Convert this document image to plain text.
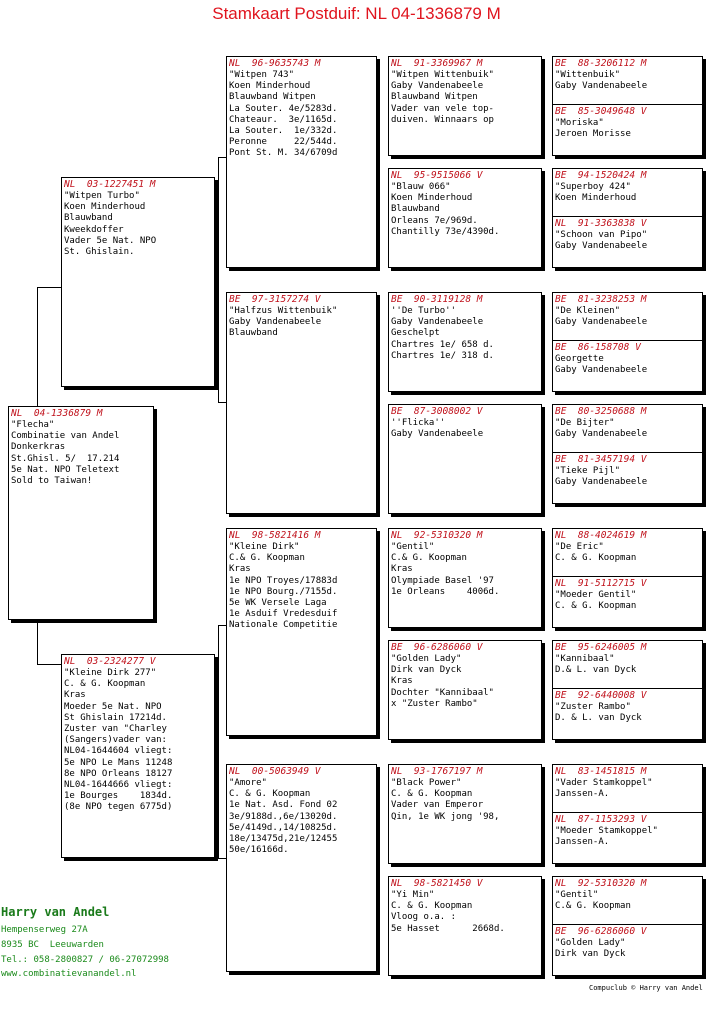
Stamkaart Postduif: NL 04-1336879 M
NL  04-1336879 M
"Flecha"
Combinatie van Andel
Donkerkras
St.Ghisl. 5/  17.214
5e Nat. NPO Teletext
Sold to Taiwan!
NL  03-1227451 M
"Witpen Turbo"
Koen Minderhoud
Blauwband
Kweekdoffer
Vader 5e Nat. NPO
St. Ghislain.
NL  03-2324277 V
"Kleine Dirk 277"
C. & G. Koopman
Kras
Moeder 5e Nat. NPO
St Ghislain 17214d.
Zuster van "Charley
(Sangers)vader van:
NL04-1644604 vliegt:
5e NPO Le Mans 11248
8e NPO Orleans 18127
NL04-1644666 vliegt:
1e Bourges    1834d.
(8e NPO tegen 6775d)
NL  96-9635743 M
"Witpen 743"
Koen Minderhoud
Blauwband Witpen
La Souter. 4e/5283d.
Chateaur.  3e/1165d.
La Souter.  1e/332d.
Peronne     22/544d.
Pont St. M. 34/6709d
BE  97-3157274 V
"Halfzus Wittenbuik"
Gaby Vandenabeele
Blauwband
NL  98-5821416 M
"Kleine Dirk"
C.& G. Koopman
Kras
1e NPO Troyes/17883d
1e NPO Bourg./7155d.
5e WK Versele Laga
1e Asduif Vredesduif
Nationale Competitie
NL  00-5063949 V
"Amore"
C. & G. Koopman
1e Nat. Asd. Fond 02
3e/9188d.,6e/13020d.
5e/4149d.,14/10825d.
18e/13475d,21e/12455
50e/16166d.
NL  91-3369967 M
"Witpen Wittenbuik"
Gaby Vandenabeele
Blauwband Witpen
Vader van vele top-
duiven. Winnaars op
NL  95-9515066 V
"Blauw 066"
Koen Minderhoud
Blauwband
Orleans 7e/969d.
Chantilly 73e/4390d.
BE  90-3119128 M
''De Turbo''
Gaby Vandenabeele
Geschelpt
Chartres 1e/ 658 d.
Chartres 1e/ 318 d.
BE  87-3008002 V
''Flicka''
Gaby Vandenabeele
NL  92-5310320 M
"Gentil"
C.& G. Koopman
Kras
Olympiade Basel '97
1e Orleans    4006d.
BE  96-6286060 V
"Golden Lady"
Dirk van Dyck
Kras
Dochter "Kannibaal"
x "Zuster Rambo"
NL  93-1767197 M
"Black Power"
C. & G. Koopman
Vader van Emperor
Qin, 1e WK jong '98,
NL  98-5821450 V
"Yi Min"
C. & G. Koopman
Vloog o.a. :
5e Hasset      2668d.
BE  88-3206112 M
"Wittenbuik"
Gaby Vandenabeele
BE  85-3049648 V
"Moriska"
Jeroen Morisse
BE  94-1520424 M
"Superboy 424"
Koen Minderhoud
NL  91-3363838 V
"Schoon van Pipo"
Gaby Vandenabeele
BE  81-3238253 M
"De Kleinen"
Gaby Vandenabeele
BE  86-158708 V
Georgette
Gaby Vandenabeele
BE  80-3250688 M
"De Bijter"
Gaby Vandenabeele
BE  81-3457194 V
"Tieke Pijl"
Gaby Vandenabeele
NL  88-4024619 M
"De Eric"
C. & G. Koopman
NL  91-5112715 V
"Moeder Gentil"
C. & G. Koopman
BE  95-6246005 M
"Kannibaal"
D.& L. van Dyck
BE  92-6440008 V
"Zuster Rambo"
D. & L. van Dyck
NL  83-1451815 M
"Vader Stamkoppel"
Janssen-A.
NL  87-1153293 V
"Moeder Stamkoppel"
Janssen-A.
NL  92-5310320 M
"Gentil"
C.& G. Koopman
BE  96-6286060 V
"Golden Lady"
Dirk van Dyck
Harry van Andel
Hempenserweg 27A
8935 BC  Leeuwarden
Tel.: 058-2800827 / 06-27072998
www.combinatievanandel.nl
Compuclub © Harry van Andel
